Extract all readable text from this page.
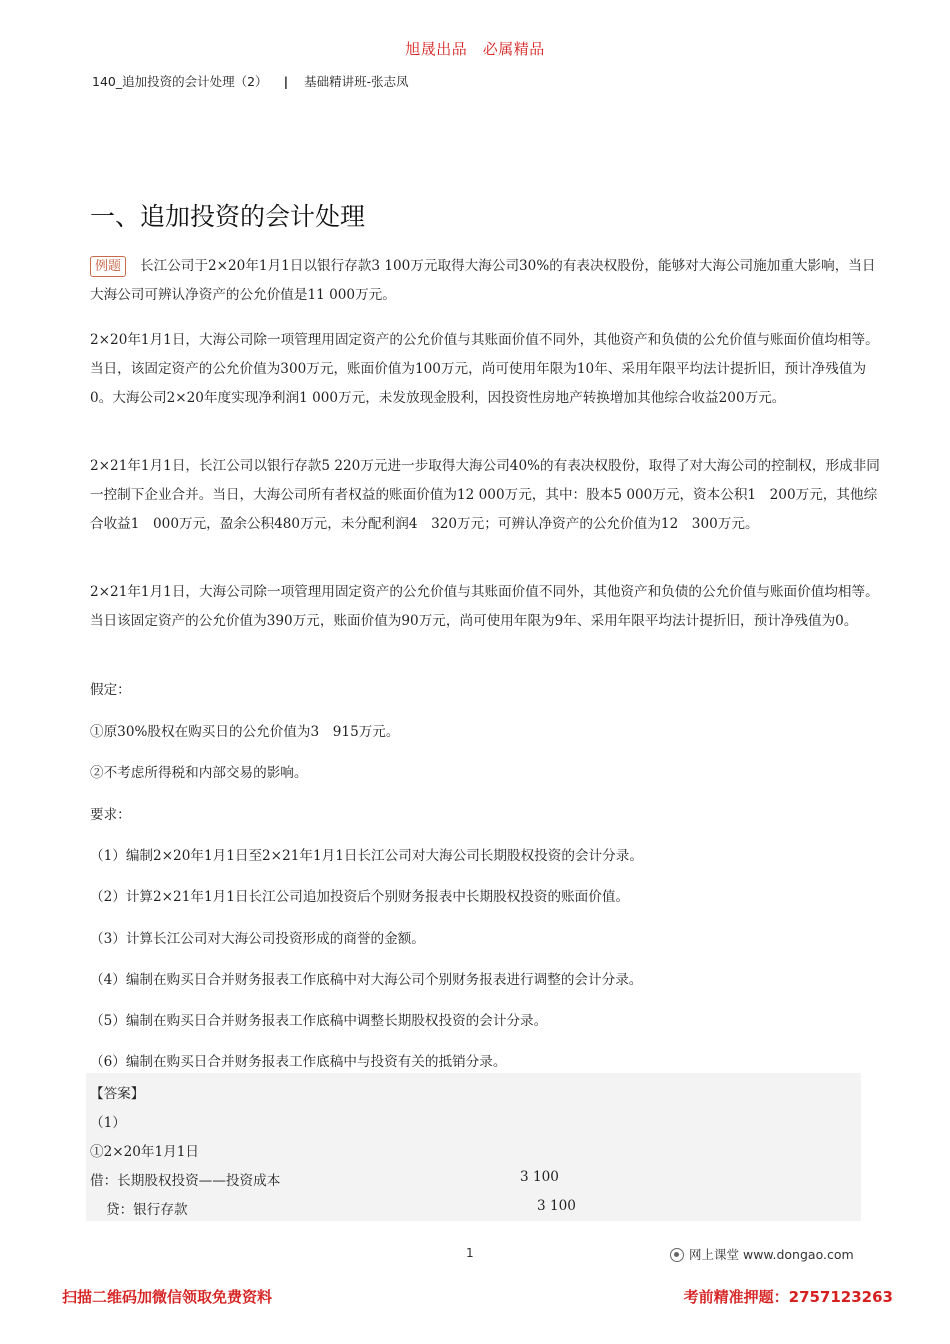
旭晟出品　必属精品
140_追加投资的会计处理（2） | 基础精讲班-张志凤
一、追加投资的会计处理
例题 长江公司于2×20年1月1日以银行存款3 100万元取得大海公司30%的有表决权股份，能够对大海公司施加重大影响，当日大海公司可辨认净资产的公允价值是11 000万元。
2×20年1月1日，大海公司除一项管理用固定资产的公允价值与其账面价值不同外，其他资产和负债的公允价值与账面价值均相等。当日，该固定资产的公允价值为300万元，账面价值为100万元，尚可使用年限为10年、采用年限平均法计提折旧，预计净残值为0。大海公司2×20年度实现净利润1 000万元，未发放现金股利，因投资性房地产转换增加其他综合收益200万元。
2×21年1月1日，长江公司以银行存款5 220万元进一步取得大海公司40%的有表决权股份，取得了对大海公司的控制权，形成非同一控制下企业合并。当日，大海公司所有者权益的账面价值为12 000万元，其中：股本5 000万元，资本公积1　200万元，其他综合收益1　000万元，盈余公积480万元，未分配利润4　320万元；可辨认净资产的公允价值为12　300万元。
2×21年1月1日，大海公司除一项管理用固定资产的公允价值与其账面价值不同外，其他资产和负债的公允价值与账面价值均相等。当日该固定资产的公允价值为390万元，账面价值为90万元，尚可使用年限为9年、采用年限平均法计提折旧，预计净残值为0。
假定：
①原30%股权在购买日的公允价值为3　915万元。
②不考虑所得税和内部交易的影响。
要求：
（1）编制2×20年1月1日至2×21年1月1日长江公司对大海公司长期股权投资的会计分录。
（2）计算2×21年1月1日长江公司追加投资后个别财务报表中长期股权投资的账面价值。
（3）计算长江公司对大海公司投资形成的商誉的金额。
（4）编制在购买日合并财务报表工作底稿中对大海公司个别财务报表进行调整的会计分录。
（5）编制在购买日合并财务报表工作底稿中调整长期股权投资的会计分录。
（6）编制在购买日合并财务报表工作底稿中与投资有关的抵销分录。
【答案】
（1）
①2×20年1月1日
借：长期股权投资——投资成本	3 100
贷：银行存款	3 100
1	网上课堂 www.dongao.com
扫描二维码加微信领取免费资料	考前精准押题：2757123263
